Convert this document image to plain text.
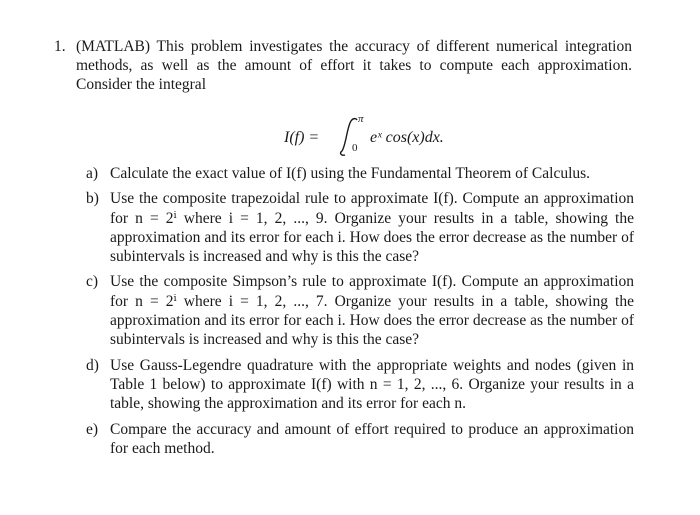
1. (MATLAB) This problem investigates the accuracy of different numerical integration methods, as well as the amount of effort it takes to compute each approximation. Consider the integral
I(f) =
π
0
eˣ cos(x)dx.
a) Calculate the exact value of I(f) using the Fundamental Theorem of Calculus.
b) Use the composite trapezoidal rule to approximate I(f). Compute an approximation for n = 2ⁱ where i = 1, 2, ..., 9. Organize your results in a table, showing the approximation and its error for each i. How does the error decrease as the number of subintervals is increased and why is this the case?
c) Use the composite Simpson’s rule to approximate I(f). Compute an approximation for n = 2ⁱ where i = 1, 2, ..., 7. Organize your results in a table, showing the approximation and its error for each i. How does the error decrease as the number of subintervals is increased and why is this the case?
d) Use Gauss-Legendre quadrature with the appropriate weights and nodes (given in Table 1 below) to approximate I(f) with n = 1, 2, ..., 6. Organize your results in a table, showing the approximation and its error for each n.
e) Compare the accuracy and amount of effort required to produce an approximation for each method.
